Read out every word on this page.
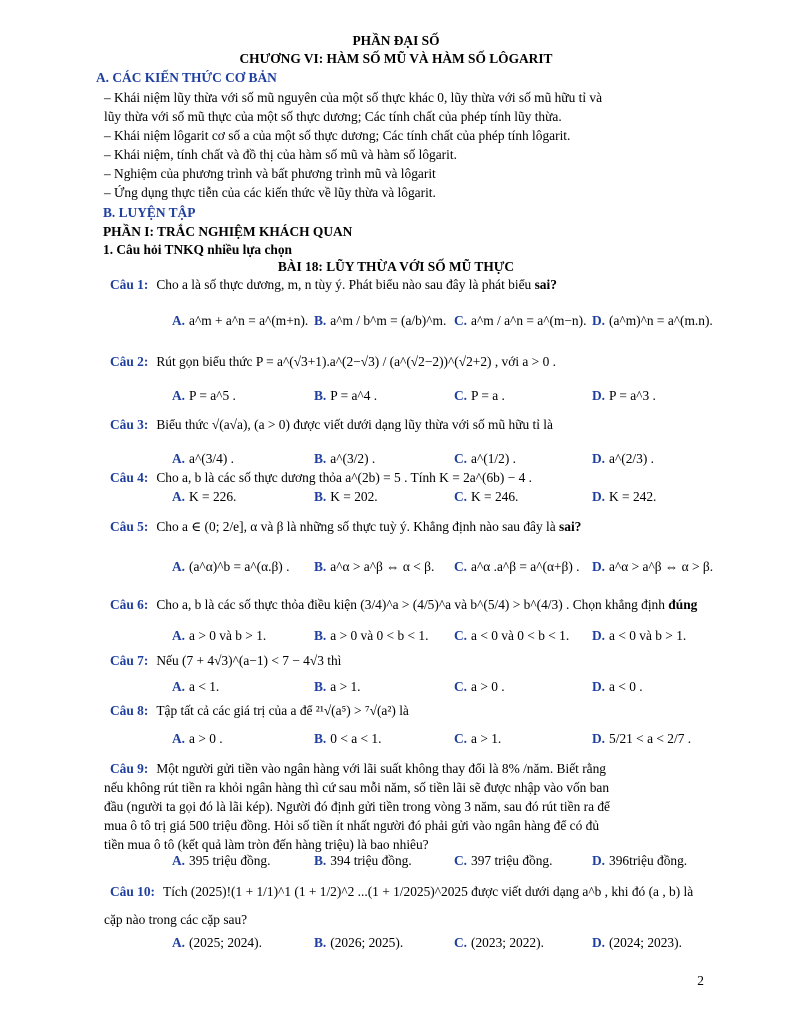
PHẦN ĐẠI SỐ
CHƯƠNG VI: HÀM SỐ MŨ VÀ HÀM SỐ LÔGARIT
A. CÁC KIẾN THỨC CƠ BẢN
– Khái niệm lũy thừa với số mũ nguyên của một số thực khác 0, lũy thừa với số mũ hữu tỉ và
lũy thừa với số mũ thực của một số thực dương; Các tính chất của phép tính lũy thừa.
– Khái niệm lôgarit cơ số a của một số thực dương; Các tính chất của phép tính lôgarit.
– Khái niệm, tính chất và đồ thị của hàm số mũ và hàm số lôgarit.
– Nghiệm của phương trình và bất phương trình mũ và lôgarit
– Ứng dụng thực tiễn của các kiến thức về lũy thừa và lôgarit.
B. LUYỆN TẬP
PHẦN I: TRẮC NGHIỆM KHÁCH QUAN
1. Câu hỏi TNKQ nhiều lựa chọn
BÀI 18: LŨY THỪA VỚI SỐ MŨ THỰC
Câu 1: Cho a là số thực dương, m, n tùy ý. Phát biểu nào sau đây là phát biểu sai?
A. a^m + a^n = a^(m+n). B. a^m / b^m = (a/b)^m. C. a^m / a^n = a^(m−n). D. (a^m)^n = a^(m.n).
Câu 2: Rút gọn biểu thức P = a^(√3+1).a^(2−√3) / (a^(√2−2))^(√2+2) , với a > 0 .
A. P = a^5 .	B. P = a^4 .	C. P = a .	D. P = a^3 .
Câu 3: Biểu thức √(a√a), (a > 0) được viết dưới dạng lũy thừa với số mũ hữu tỉ là
A. a^(3/4) .	B. a^(3/2) .	C. a^(1/2) .	D. a^(2/3) .
Câu 4: Cho a, b là các số thực dương thỏa a^(2b) = 5 . Tính K = 2a^(6b) − 4 .
A. K = 226.	B. K = 202.	C. K = 246.	D. K = 242.
Câu 5: Cho a ∈ (0; 2/e], α và β là những số thực tuỳ ý. Khẳng định nào sau đây là sai?
A. (a^α)^b = a^(α.β) . B. a^α > a^β ⇔ α < β. C. a^α .a^β = a^(α+β) . D. a^α > a^β ⇔ α > β.
Câu 6: Cho a, b là các số thực thỏa điều kiện (3/4)^a > (4/5)^a và b^(5/4) > b^(4/3) . Chọn khẳng định đúng
A. a > 0 và b > 1.	B. a > 0 và 0 < b < 1. C. a < 0 và 0 < b < 1. D. a < 0 và b > 1.
Câu 7: Nếu (7 + 4√3)^(a−1) < 7 − 4√3 thì
A. a < 1.	B. a > 1.	C. a > 0 .	D. a < 0 .
Câu 8: Tập tất cả các giá trị của a để ²¹√(a⁵) > ⁷√(a²) là
A. a > 0 .	B. 0 < a < 1.	C. a > 1.	D. 5/21 < a < 2/7 .
Câu 9: Một người gửi tiền vào ngân hàng với lãi suất không thay đổi là 8% /năm. Biết rằng
nếu không rút tiền ra khỏi ngân hàng thì cứ sau mỗi năm, số tiền lãi sẽ được nhập vào vốn ban
đầu (người ta gọi đó là lãi kép). Người đó định gửi tiền trong vòng 3 năm, sau đó rút tiền ra để
mua ô tô trị giá 500 triệu đồng. Hỏi số tiền ít nhất người đó phải gửi vào ngân hàng để có đủ
tiền mua ô tô (kết quả làm tròn đến hàng triệu) là bao nhiêu?
A. 395 triệu đồng.	B. 394 triệu đồng.	C. 397 triệu đồng.	D. 396triệu đồng.
Câu 10: Tích (2025)!(1 + 1/1)^1 (1 + 1/2)^2 ...(1 + 1/2025)^2025 được viết dưới dạng a^b , khi đó (a , b) là
cặp nào trong các cặp sau?
A. (2025; 2024).	B. (2026; 2025).	C. (2023; 2022).	D. (2024; 2023).
2
